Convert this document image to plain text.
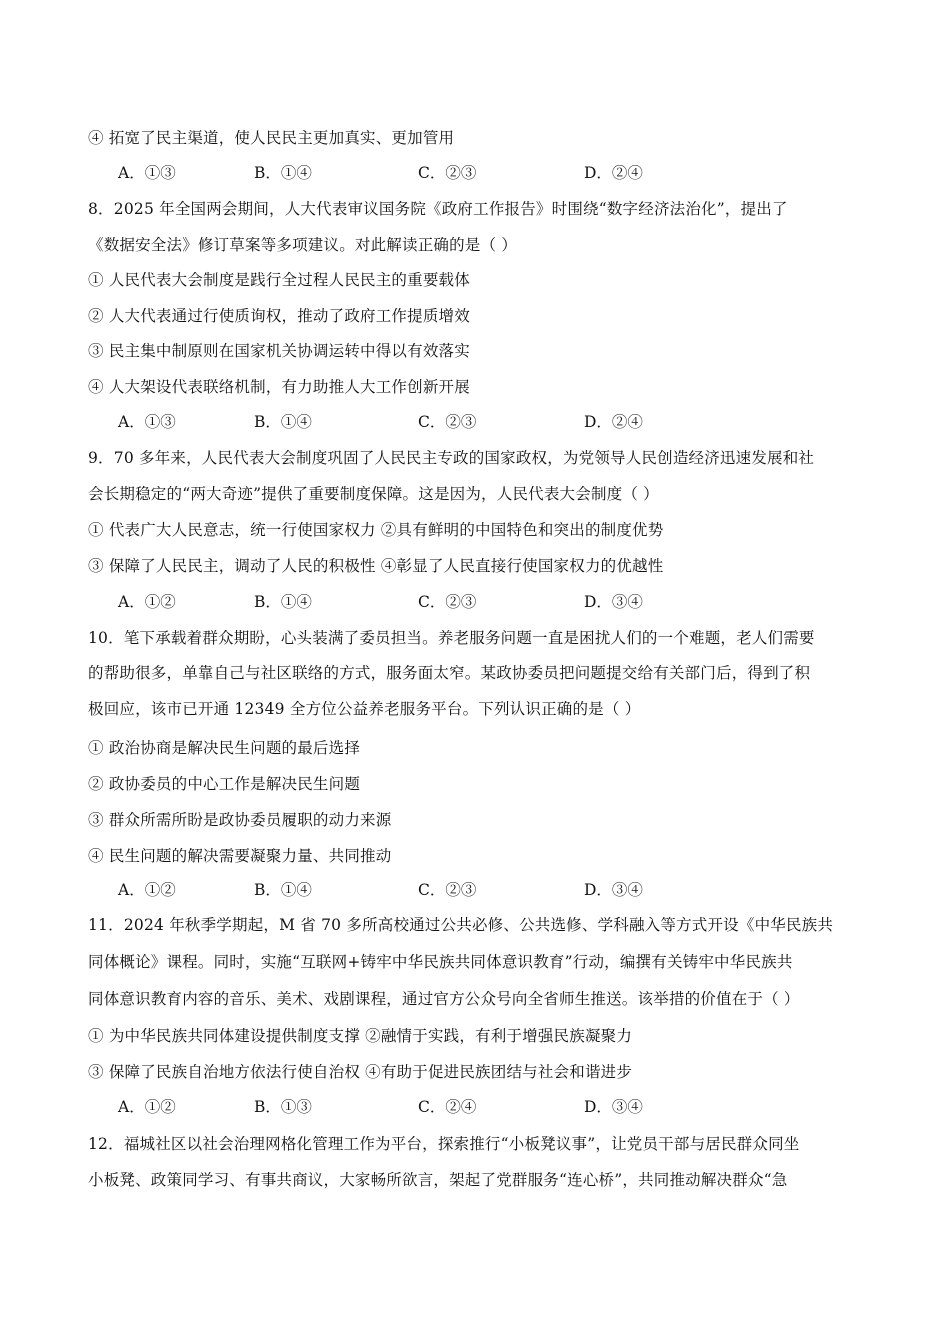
④ 拓宽了民主渠道，使人民民主更加真实、更加管用
A．①③	B．①④	C．②③	D．②④
8．2025 年全国两会期间，人大代表审议国务院《政府工作报告》时围绕“数字经济法治化”，提出了
《数据安全法》修订草案等多项建议。对此解读正确的是（ ）
① 人民代表大会制度是践行全过程人民民主的重要载体
② 人大代表通过行使质询权，推动了政府工作提质增效
③ 民主集中制原则在国家机关协调运转中得以有效落实
④ 人大架设代表联络机制，有力助推人大工作创新开展
A．①③	B．①④	C．②③	D．②④
9．70 多年来，人民代表大会制度巩固了人民民主专政的国家政权，为党领导人民创造经济迅速发展和社
会长期稳定的“两大奇迹”提供了重要制度保障。这是因为，人民代表大会制度（ ）
① 代表广大人民意志，统一行使国家权力 ②具有鲜明的中国特色和突出的制度优势
③ 保障了人民民主，调动了人民的积极性 ④彰显了人民直接行使国家权力的优越性
A．①②	B．①④	C．②③	D．③④
10．笔下承载着群众期盼，心头装满了委员担当。养老服务问题一直是困扰人们的一个难题，老人们需要
的帮助很多，单靠自己与社区联络的方式，服务面太窄。某政协委员把问题提交给有关部门后，得到了积
极回应，该市已开通 12349 全方位公益养老服务平台。下列认识正确的是（ ）
① 政治协商是解决民生问题的最后选择
② 政协委员的中心工作是解决民生问题
③ 群众所需所盼是政协委员履职的动力来源
④ 民生问题的解决需要凝聚力量、共同推动
A．①②	B．①④	C．②③	D．③④
11．2024 年秋季学期起，M 省 70 多所高校通过公共必修、公共选修、学科融入等方式开设《中华民族共
同体概论》课程。同时，实施“互联网+铸牢中华民族共同体意识教育”行动，编撰有关铸牢中华民族共
同体意识教育内容的音乐、美术、戏剧课程，通过官方公众号向全省师生推送。该举措的价值在于（ ）
① 为中华民族共同体建设提供制度支撑 ②融情于实践，有利于增强民族凝聚力
③ 保障了民族自治地方依法行使自治权 ④有助于促进民族团结与社会和谐进步
A．①②	B．①③	C．②④	D．③④
12．福城社区以社会治理网格化管理工作为平台，探索推行“小板凳议事”，让党员干部与居民群众同坐
小板凳、政策同学习、有事共商议，大家畅所欲言，架起了党群服务“连心桥”，共同推动解决群众“急
